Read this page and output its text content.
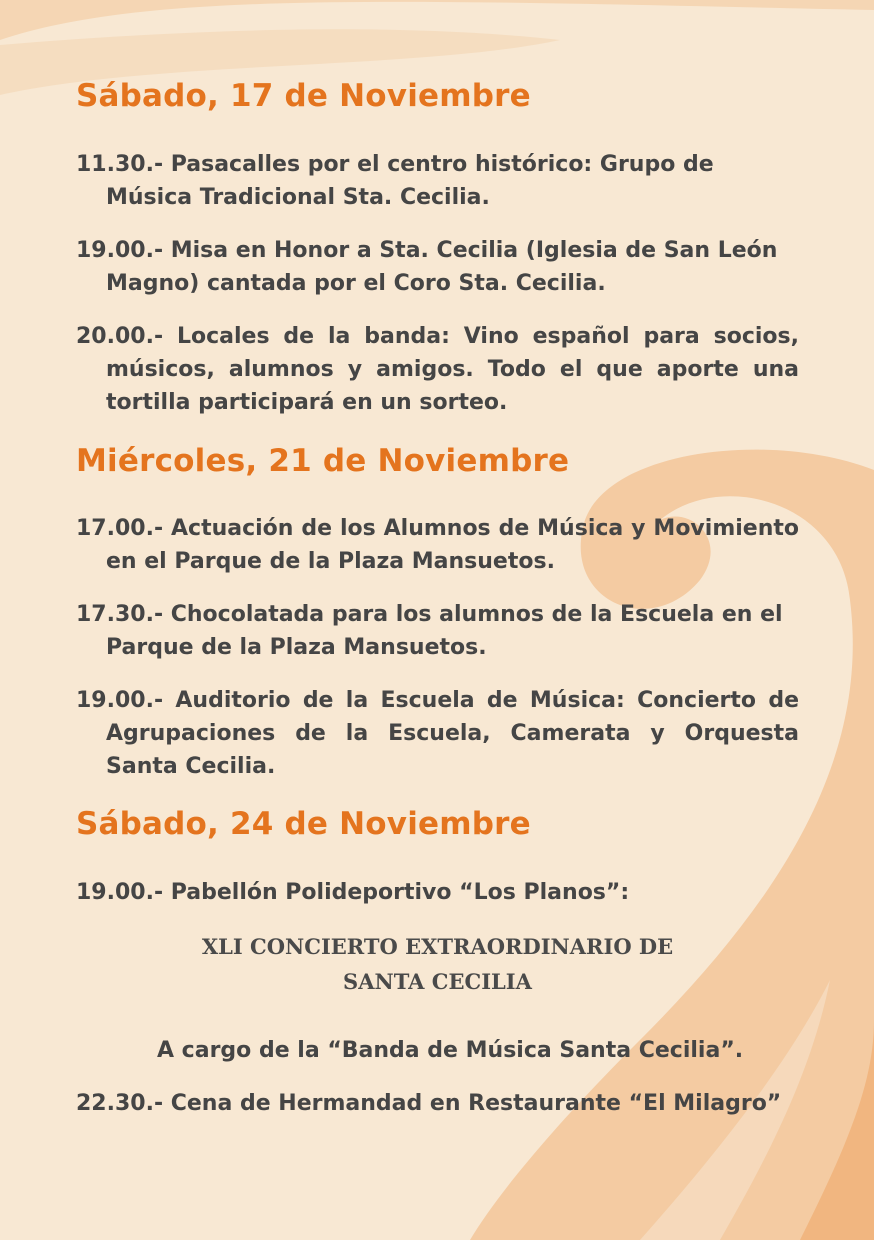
Sábado, 17 de Noviembre

11.30.- Pasacalles por el centro histórico: Grupo de Música Tradicional Sta. Cecilia.

19.00.- Misa en Honor a Sta. Cecilia (Iglesia de San León Magno) cantada por el Coro Sta. Cecilia.

20.00.- Locales de la banda: Vino español para socios, músicos, alumnos y amigos. Todo el que aporte una tortilla participará en un sorteo.

Miércoles, 21 de Noviembre

17.00.- Actuación de los Alumnos de Música y Movimiento en el Parque de la Plaza Mansuetos.

17.30.- Chocolatada para los alumnos de la Escuela en el Parque de la Plaza Mansuetos.

19.00.- Auditorio de la Escuela de Música: Concierto de Agrupaciones de la Escuela, Camerata y Orquesta Santa Cecilia.

Sábado, 24 de Noviembre

19.00.- Pabellón Polideportivo “Los Planos”:

XLI CONCIERTO EXTRAORDINARIO DE

SANTA CECILIA

A cargo de la “Banda de Música Santa Cecilia”.

22.30.- Cena de Hermandad en Restaurante “El Milagro”
